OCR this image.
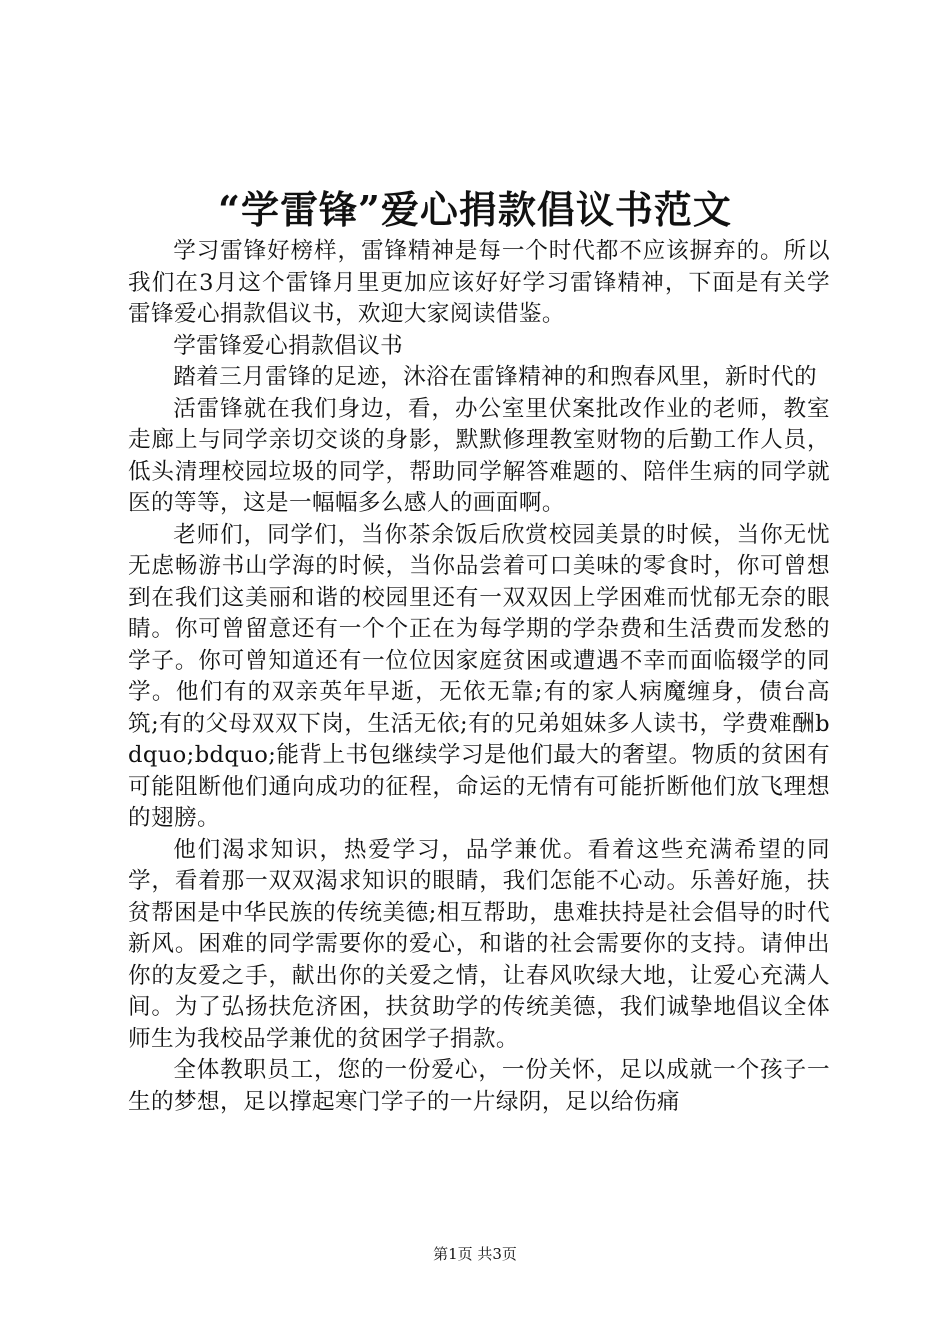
“学雷锋”爱心捐款倡议书范文

学习雷锋好榜样，雷锋精神是每一个时代都不应该摒弃的。所以我们在3月这个雷锋月里更加应该好好学习雷锋精神，下面是有关学雷锋爱心捐款倡议书，欢迎大家阅读借鉴。

学雷锋爱心捐款倡议书

踏着三月雷锋的足迹，沐浴在雷锋精神的和煦春风里，新时代的

活雷锋就在我们身边，看，办公室里伏案批改作业的老师，教室走廊上与同学亲切交谈的身影，默默修理教室财物的后勤工作人员，低头清理校园垃圾的同学，帮助同学解答难题的、陪伴生病的同学就医的等等，这是一幅幅多么感人的画面啊。

老师们，同学们，当你茶余饭后欣赏校园美景的时候，当你无忧无虑畅游书山学海的时候，当你品尝着可口美味的零食时，你可曾想到在我们这美丽和谐的校园里还有一双双因上学困难而忧郁无奈的眼睛。你可曾留意还有一个个正在为每学期的学杂费和生活费而发愁的学子。你可曾知道还有一位位因家庭贫困或遭遇不幸而面临辍学的同学。他们有的双亲英年早逝，无依无靠;有的家人病魔缠身，债台高筑;有的父母双双下岗，生活无依;有的兄弟姐妹多人读书，学费难酬bdquo;bdquo;能背上书包继续学习是他们最大的奢望。物质的贫困有可能阻断他们通向成功的征程，命运的无情有可能折断他们放飞理想的翅膀。

他们渴求知识，热爱学习，品学兼优。看着这些充满希望的同学，看着那一双双渴求知识的眼睛，我们怎能不心动。乐善好施，扶贫帮困是中华民族的传统美德;相互帮助，患难扶持是社会倡导的时代新风。困难的同学需要你的爱心，和谐的社会需要你的支持。请伸出你的友爱之手，献出你的关爱之情，让春风吹绿大地，让爱心充满人间。为了弘扬扶危济困，扶贫助学的传统美德，我们诚挚地倡议全体师生为我校品学兼优的贫困学子捐款。

全体教职员工，您的一份爱心，一份关怀，足以成就一个孩子一生的梦想，足以撑起寒门学子的一片绿阴，足以给伤痛

第1页 共3页
